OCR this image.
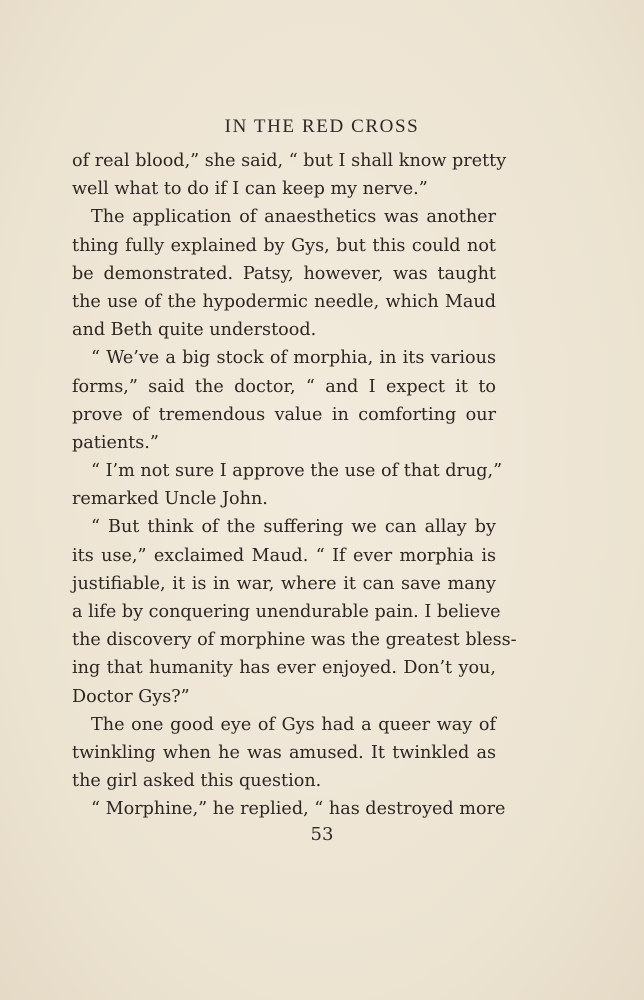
IN THE RED CROSS
of real blood,” she said, “ but I shall know pretty
well what to do if I can keep my nerve.”
The application of anaesthetics was another
thing fully explained by Gys, but this could not
be demonstrated. Patsy, however, was taught
the use of the hypodermic needle, which Maud
and Beth quite understood.
“ We’ve a big stock of morphia, in its various
forms,” said the doctor, “ and I expect it to
prove of tremendous value in comforting our
patients.”
“ I’m not sure I approve the use of that drug,”
remarked Uncle John.
“ But think of the suffering we can allay by
its use,” exclaimed Maud. “ If ever morphia is
justifiable, it is in war, where it can save many
a life by conquering unendurable pain. I believe
the discovery of morphine was the greatest bless-
ing that humanity has ever enjoyed. Don’t you,
Doctor Gys?”
The one good eye of Gys had a queer way of
twinkling when he was amused. It twinkled as
the girl asked this question.
“ Morphine,” he replied, “ has destroyed more
53
